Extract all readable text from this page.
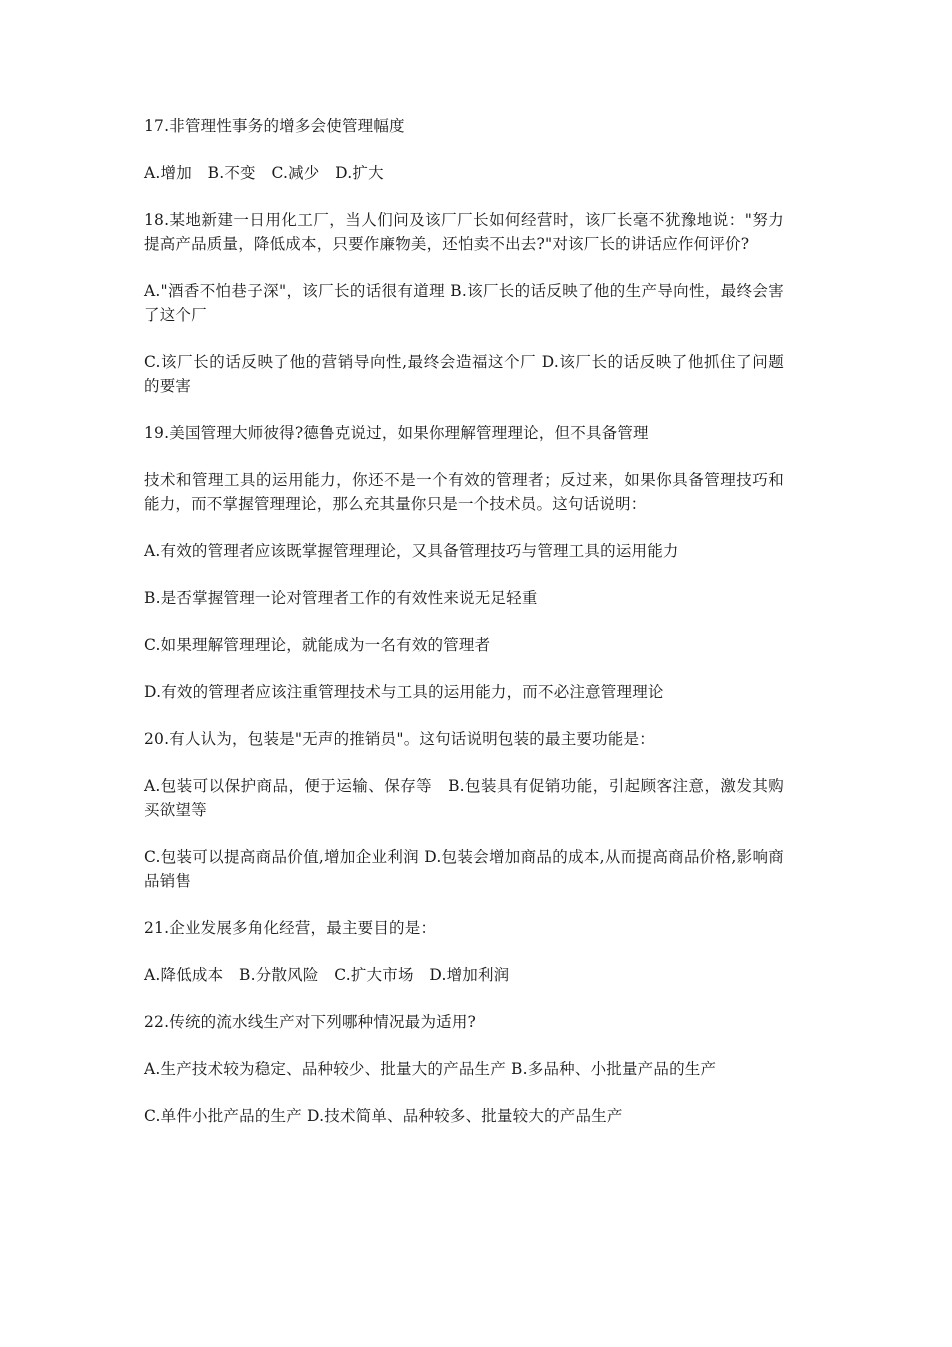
17.非管理性事务的增多会使管理幅度

A.增加　B.不变　C.减少　D.扩大

18.某地新建一日用化工厂，当人们问及该厂厂长如何经营时，该厂长毫不犹豫地说："努力提高产品质量，降低成本，只要作廉物美，还怕卖不出去?"对该厂长的讲话应作何评价?

A."酒香不怕巷子深"，该厂长的话很有道理 B.该厂长的话反映了他的生产导向性，最终会害了这个厂

C.该厂长的话反映了他的营销导向性,最终会造福这个厂 D.该厂长的话反映了他抓住了问题的要害

19.美国管理大师彼得?德鲁克说过，如果你理解管理理论，但不具备管理

技术和管理工具的运用能力，你还不是一个有效的管理者；反过来，如果你具备管理技巧和能力，而不掌握管理理论，那么充其量你只是一个技术员。这句话说明：

A.有效的管理者应该既掌握管理理论，又具备管理技巧与管理工具的运用能力

B.是否掌握管理一论对管理者工作的有效性来说无足轻重

C.如果理解管理理论，就能成为一名有效的管理者

D.有效的管理者应该注重管理技术与工具的运用能力，而不必注意管理理论

20.有人认为，包装是"无声的推销员"。这句话说明包装的最主要功能是：

A.包装可以保护商品，便于运输、保存等　B.包装具有促销功能，引起顾客注意，激发其购买欲望等

C.包装可以提高商品价值,增加企业利润 D.包装会增加商品的成本,从而提高商品价格,影响商品销售

21.企业发展多角化经营，最主要目的是：

A.降低成本　B.分散风险　C.扩大市场　D.增加利润

22.传统的流水线生产对下列哪种情况最为适用?

A.生产技术较为稳定、品种较少、批量大的产品生产 B.多品种、小批量产品的生产

C.单件小批产品的生产 D.技术简单、品种较多、批量较大的产品生产
